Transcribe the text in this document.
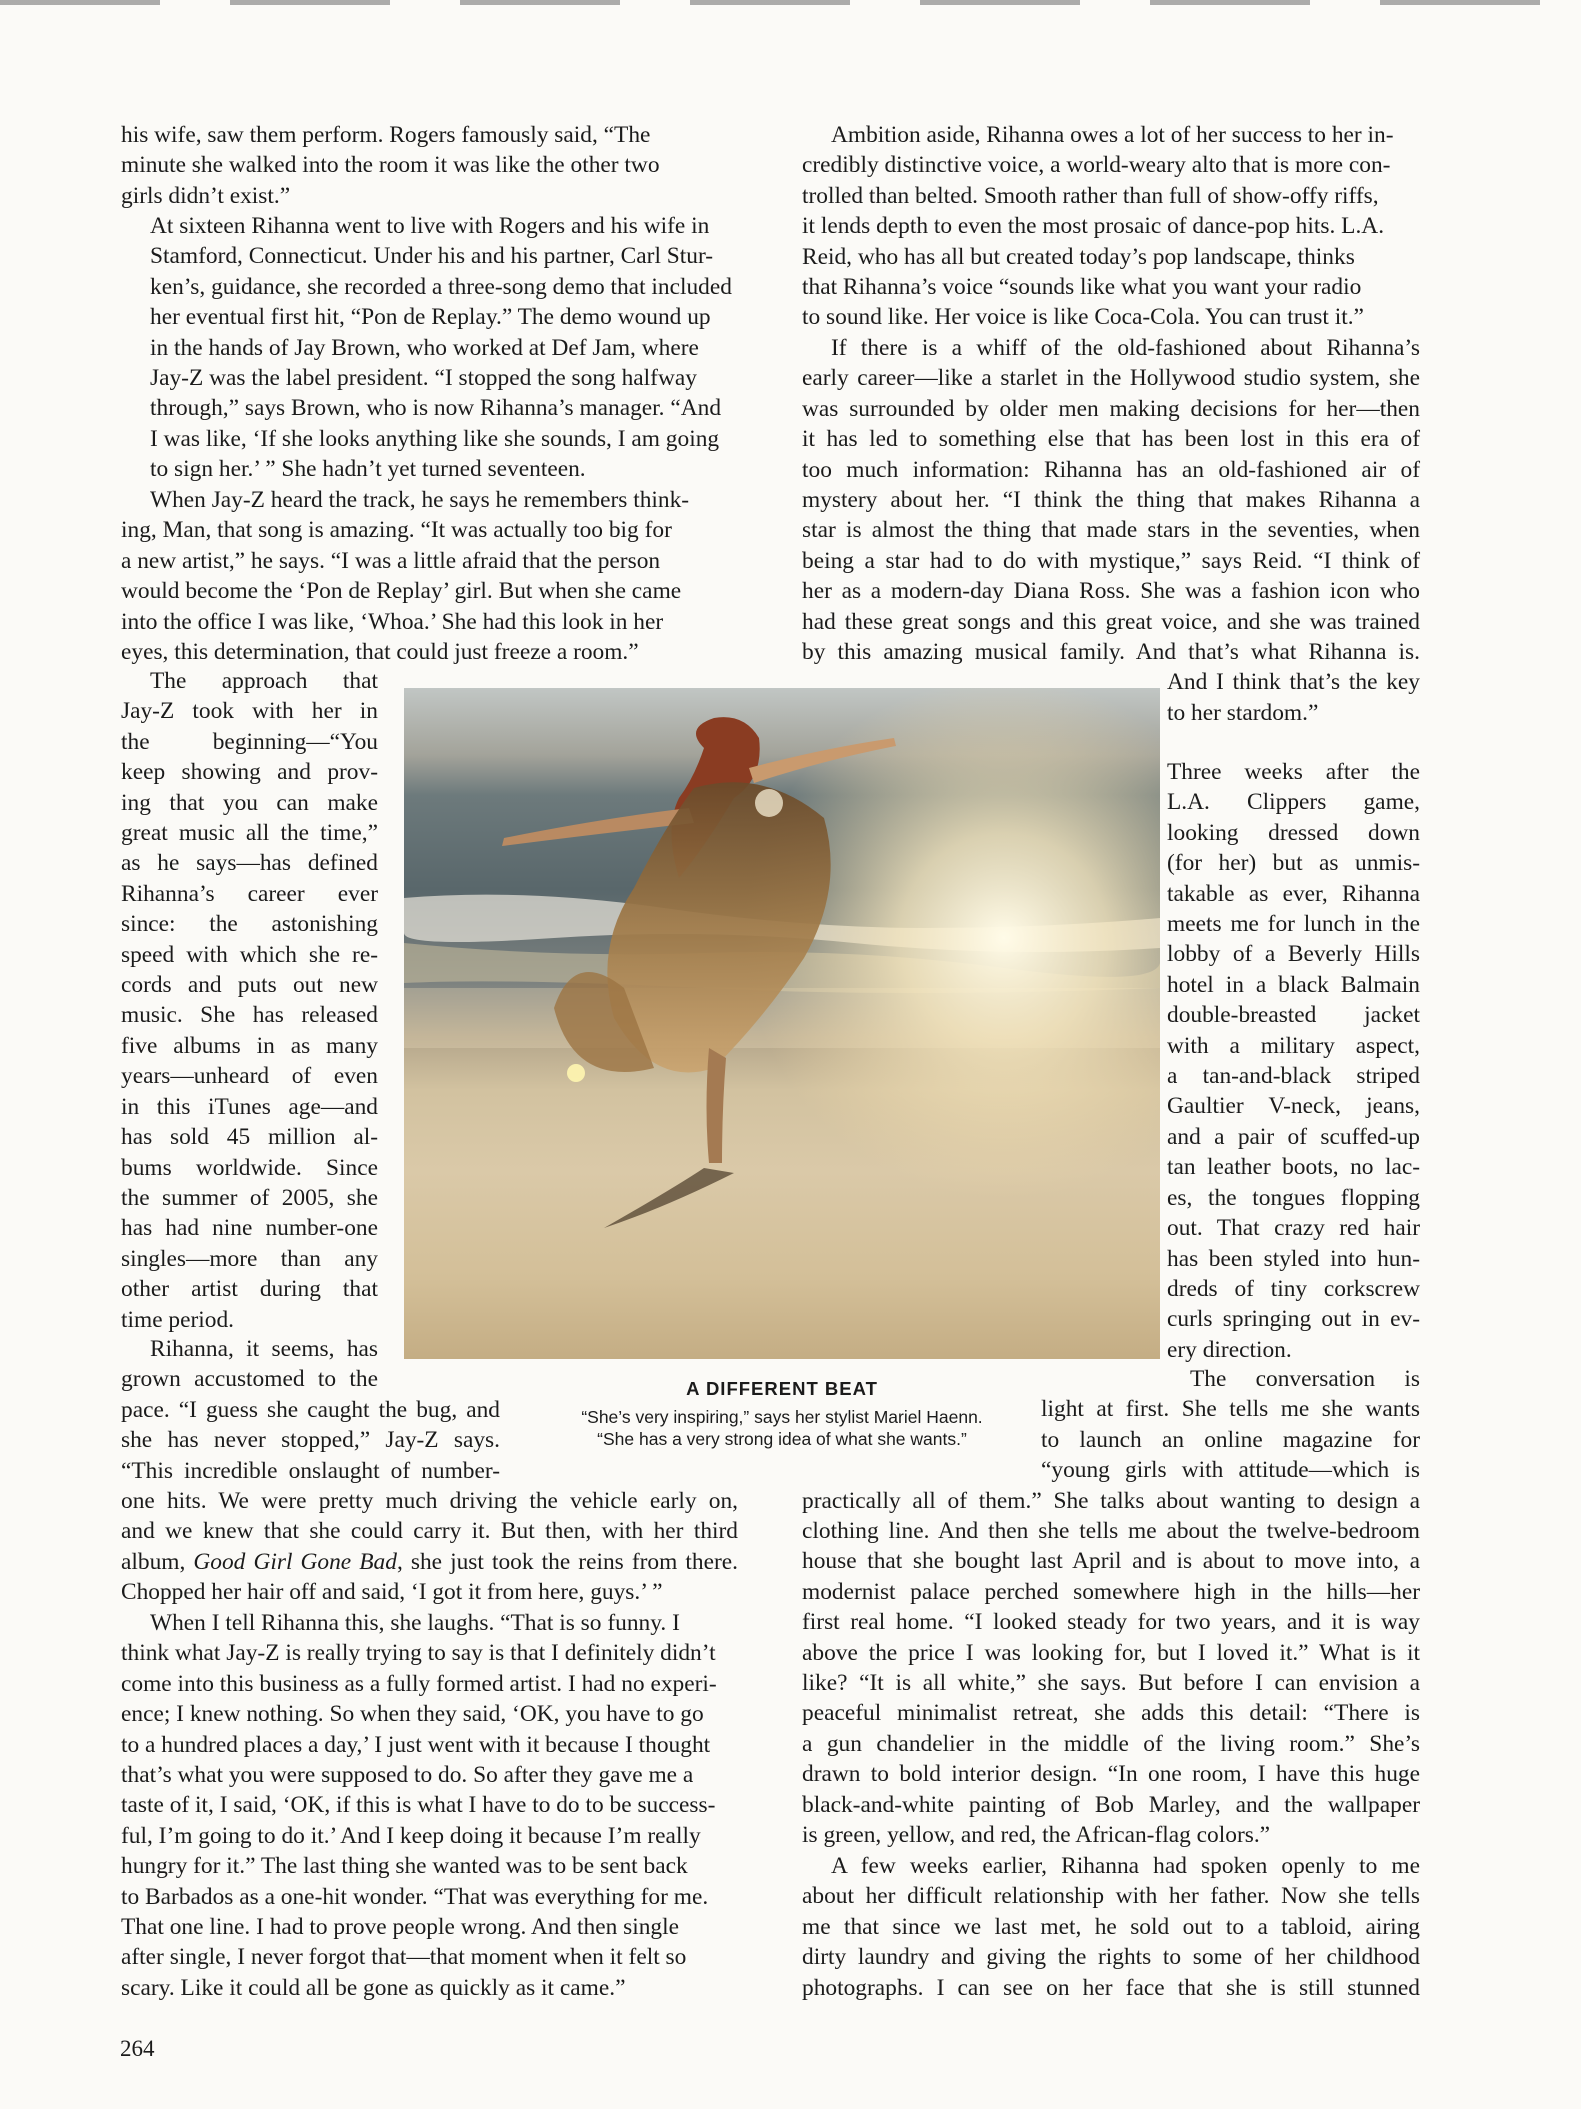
his wife, saw them perform. Rogers famously said, “The
minute she walked into the room it was like the other two
girls didn’t exist.”
At sixteen Rihanna went to live with Rogers and his wife in
Stamford, Connecticut. Under his and his partner, Carl Stur-
ken’s, guidance, she recorded a three-song demo that included
her eventual first hit, “Pon de Replay.” The demo wound up
in the hands of Jay Brown, who worked at Def Jam, where
Jay-Z was the label president. “I stopped the song halfway
through,” says Brown, who is now Rihanna’s manager. “And
I was like, ‘If she looks anything like she sounds, I am going
to sign her.’ ” She hadn’t yet turned seventeen.
When Jay-Z heard the track, he says he remembers think-
ing, Man, that song is amazing. “It was actually too big for
a new artist,” he says. “I was a little afraid that the person
would become the ‘Pon de Replay’ girl. But when she came
into the office I was like, ‘Whoa.’ She had this look in her
eyes, this determination, that could just freeze a room.”
The approach that
Jay-Z took with her in
the beginning—“You
keep showing and prov-
ing that you can make
great music all the time,”
as he says—has defined
Rihanna’s career ever
since: the astonishing
speed with which she re-
cords and puts out new
music. She has released
five albums in as many
years—unheard of even
in this iTunes age—and
has sold 45 million al-
bums worldwide. Since
the summer of 2005, she
has had nine number-one
singles—more than any
other artist during that
time period.
Rihanna, it seems, has
grown accustomed to the
pace. “I guess she caught the bug, and
she has never stopped,” Jay-Z says.
“This incredible onslaught of number-
one hits. We were pretty much driving the vehicle early on,
and we knew that she could carry it. But then, with her third
album, Good Girl Gone Bad, she just took the reins from there.
Chopped her hair off and said, ‘I got it from here, guys.’ ”
When I tell Rihanna this, she laughs. “That is so funny. I
think what Jay-Z is really trying to say is that I definitely didn’t
come into this business as a fully formed artist. I had no experi-
ence; I knew nothing. So when they said, ‘OK, you have to go
to a hundred places a day,’ I just went with it because I thought
that’s what you were supposed to do. So after they gave me a
taste of it, I said, ‘OK, if this is what I have to do to be success-
ful, I’m going to do it.’ And I keep doing it because I’m really
hungry for it.” The last thing she wanted was to be sent back
to Barbados as a one-hit wonder. “That was everything for me.
That one line. I had to prove people wrong. And then single
after single, I never forgot that—that moment when it felt so
scary. Like it could all be gone as quickly as it came.”
Ambition aside, Rihanna owes a lot of her success to her in-
credibly distinctive voice, a world-weary alto that is more con-
trolled than belted. Smooth rather than full of show-offy riffs,
it lends depth to even the most prosaic of dance-pop hits. L.A.
Reid, who has all but created today’s pop landscape, thinks
that Rihanna’s voice “sounds like what you want your radio
to sound like. Her voice is like Coca-Cola. You can trust it.”
If there is a whiff of the old-fashioned about Rihanna’s
early career—like a starlet in the Hollywood studio system, she
was surrounded by older men making decisions for her—then
it has led to something else that has been lost in this era of
too much information: Rihanna has an old-fashioned air of
mystery about her. “I think the thing that makes Rihanna a
star is almost the thing that made stars in the seventies, when
being a star had to do with mystique,” says Reid. “I think of
her as a modern-day Diana Ross. She was a fashion icon who
had these great songs and this great voice, and she was trained
by this amazing musical family. And that’s what Rihanna is.
And I think that’s the key
to her stardom.”
Three weeks after the
L.A. Clippers game,
looking dressed down
(for her) but as unmis-
takable as ever, Rihanna
meets me for lunch in the
lobby of a Beverly Hills
hotel in a black Balmain
double-breasted jacket
with a military aspect,
a tan-and-black striped
Gaultier V-neck, jeans,
and a pair of scuffed-up
tan leather boots, no lac-
es, the tongues flopping
out. That crazy red hair
has been styled into hun-
dreds of tiny corkscrew
curls springing out in ev-
ery direction.
The conversation is
light at first. She tells me she wants
to launch an online magazine for
“young girls with attitude—which is
practically all of them.” She talks about wanting to design a
clothing line. And then she tells me about the twelve-bedroom
house that she bought last April and is about to move into, a
modernist palace perched somewhere high in the hills—her
first real home. “I looked steady for two years, and it is way
above the price I was looking for, but I loved it.” What is it
like? “It is all white,” she says. But before I can envision a
peaceful minimalist retreat, she adds this detail: “There is
a gun chandelier in the middle of the living room.” She’s
drawn to bold interior design. “In one room, I have this huge
black-and-white painting of Bob Marley, and the wallpaper
is green, yellow, and red, the African-flag colors.”
A few weeks earlier, Rihanna had spoken openly to me
about her difficult relationship with her father. Now she tells
me that since we last met, he sold out to a tabloid, airing
dirty laundry and giving the rights to some of her childhood
photographs. I can see on her face that she is still stunned
A DIFFERENT BEAT
“She’s very inspiring,” says her stylist Mariel Haenn.
“She has a very strong idea of what she wants.”
264
